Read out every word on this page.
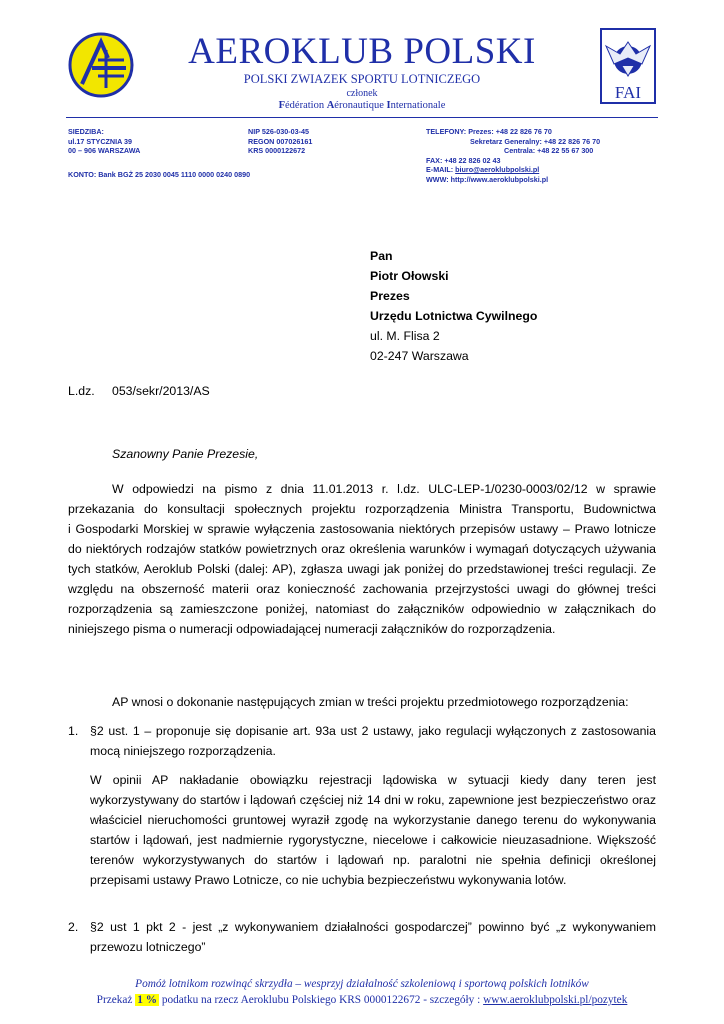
AEROKLUB POLSKI
POLSKI ZWIAZEK SPORTU LOTNICZEGO
członek
Fédération Aéronautique Internationale
FAI
SIEDZIBA:
ul.17 STYCZNIA 39
00 – 906 WARSZAWA
NIP 526-030-03-45
REGON 007026161
KRS 0000122672
TELEFONY: Prezes: +48 22 826 76 70
Sekretarz Generalny: +48 22 826 76 70
Centrala: +48 22 55 67 300
FAX: +48 22 826 02 43
E-MAIL: biuro@aeroklubpolski.pl
WWW: http://www.aeroklubpolski.pl
KONTO: Bank BGŻ 25 2030 0045 1110 0000 0240 0890
Pan
Piotr Ołowski
Prezes
Urzędu Lotnictwa Cywilnego
ul. M. Flisa 2
02-247 Warszawa
L.dz. 053/sekr/2013/AS
Szanowny Panie Prezesie,
W odpowiedzi na pismo z dnia 11.01.2013 r. l.dz. ULC-LEP-1/0230-0003/02/12 w sprawie
przekazania do konsultacji społecznych projektu rozporządzenia Ministra Transportu, Budownictwa
i Gospodarki Morskiej w sprawie wyłączenia zastosowania niektórych przepisów ustawy – Prawo lotnicze
do niektórych rodzajów statków powietrznych oraz określenia warunków i wymagań dotyczących używania
tych statków, Aeroklub Polski (dalej: AP), zgłasza uwagi jak poniżej do przedstawionej treści regulacji. Ze
względu na obszerność materii oraz konieczność zachowania przejrzystości uwagi do głównej treści
rozporządzenia są zamieszczone poniżej, natomiast do załączników odpowiednio w załącznikach do
niniejszego pisma o numeracji odpowiadającej numeracji załączników do rozporządzenia.
AP wnosi o dokonanie następujących zmian w treści projektu przedmiotowego rozporządzenia:
1. §2 ust. 1 – proponuje się dopisanie art. 93a ust 2 ustawy, jako regulacji wyłączonych z zastosowania
mocą niniejszego rozporządzenia.
W opinii AP nakładanie obowiązku rejestracji lądowiska w sytuacji kiedy dany teren jest
wykorzystywany do startów i lądowań częściej niż 14 dni w roku, zapewnione jest bezpieczeństwo oraz
właściciel nieruchomości gruntowej wyraził zgodę na wykorzystanie danego terenu do wykonywania
startów i lądowań, jest nadmiernie rygorystyczne, niecelowe i całkowicie nieuzasadnione. Większość
terenów wykorzystywanych do startów i lądowań np. paralotni nie spełnia definicji określonej
przepisami ustawy Prawo Lotnicze, co nie uchybia bezpieczeństwu wykonywania lotów.
2. §2 ust 1 pkt 2 - jest „z wykonywaniem działalności gospodarczej” powinno być „z wykonywaniem
przewozu lotniczego”
Pomóż lotnikom rozwinąć skrzydła – wesprzyj działalność szkoleniową i sportową polskich lotników
Przekaż 1 % podatku na rzecz Aeroklubu Polskiego KRS 0000122672 - szczegóły : www.aeroklubpolski.pl/pozytek
